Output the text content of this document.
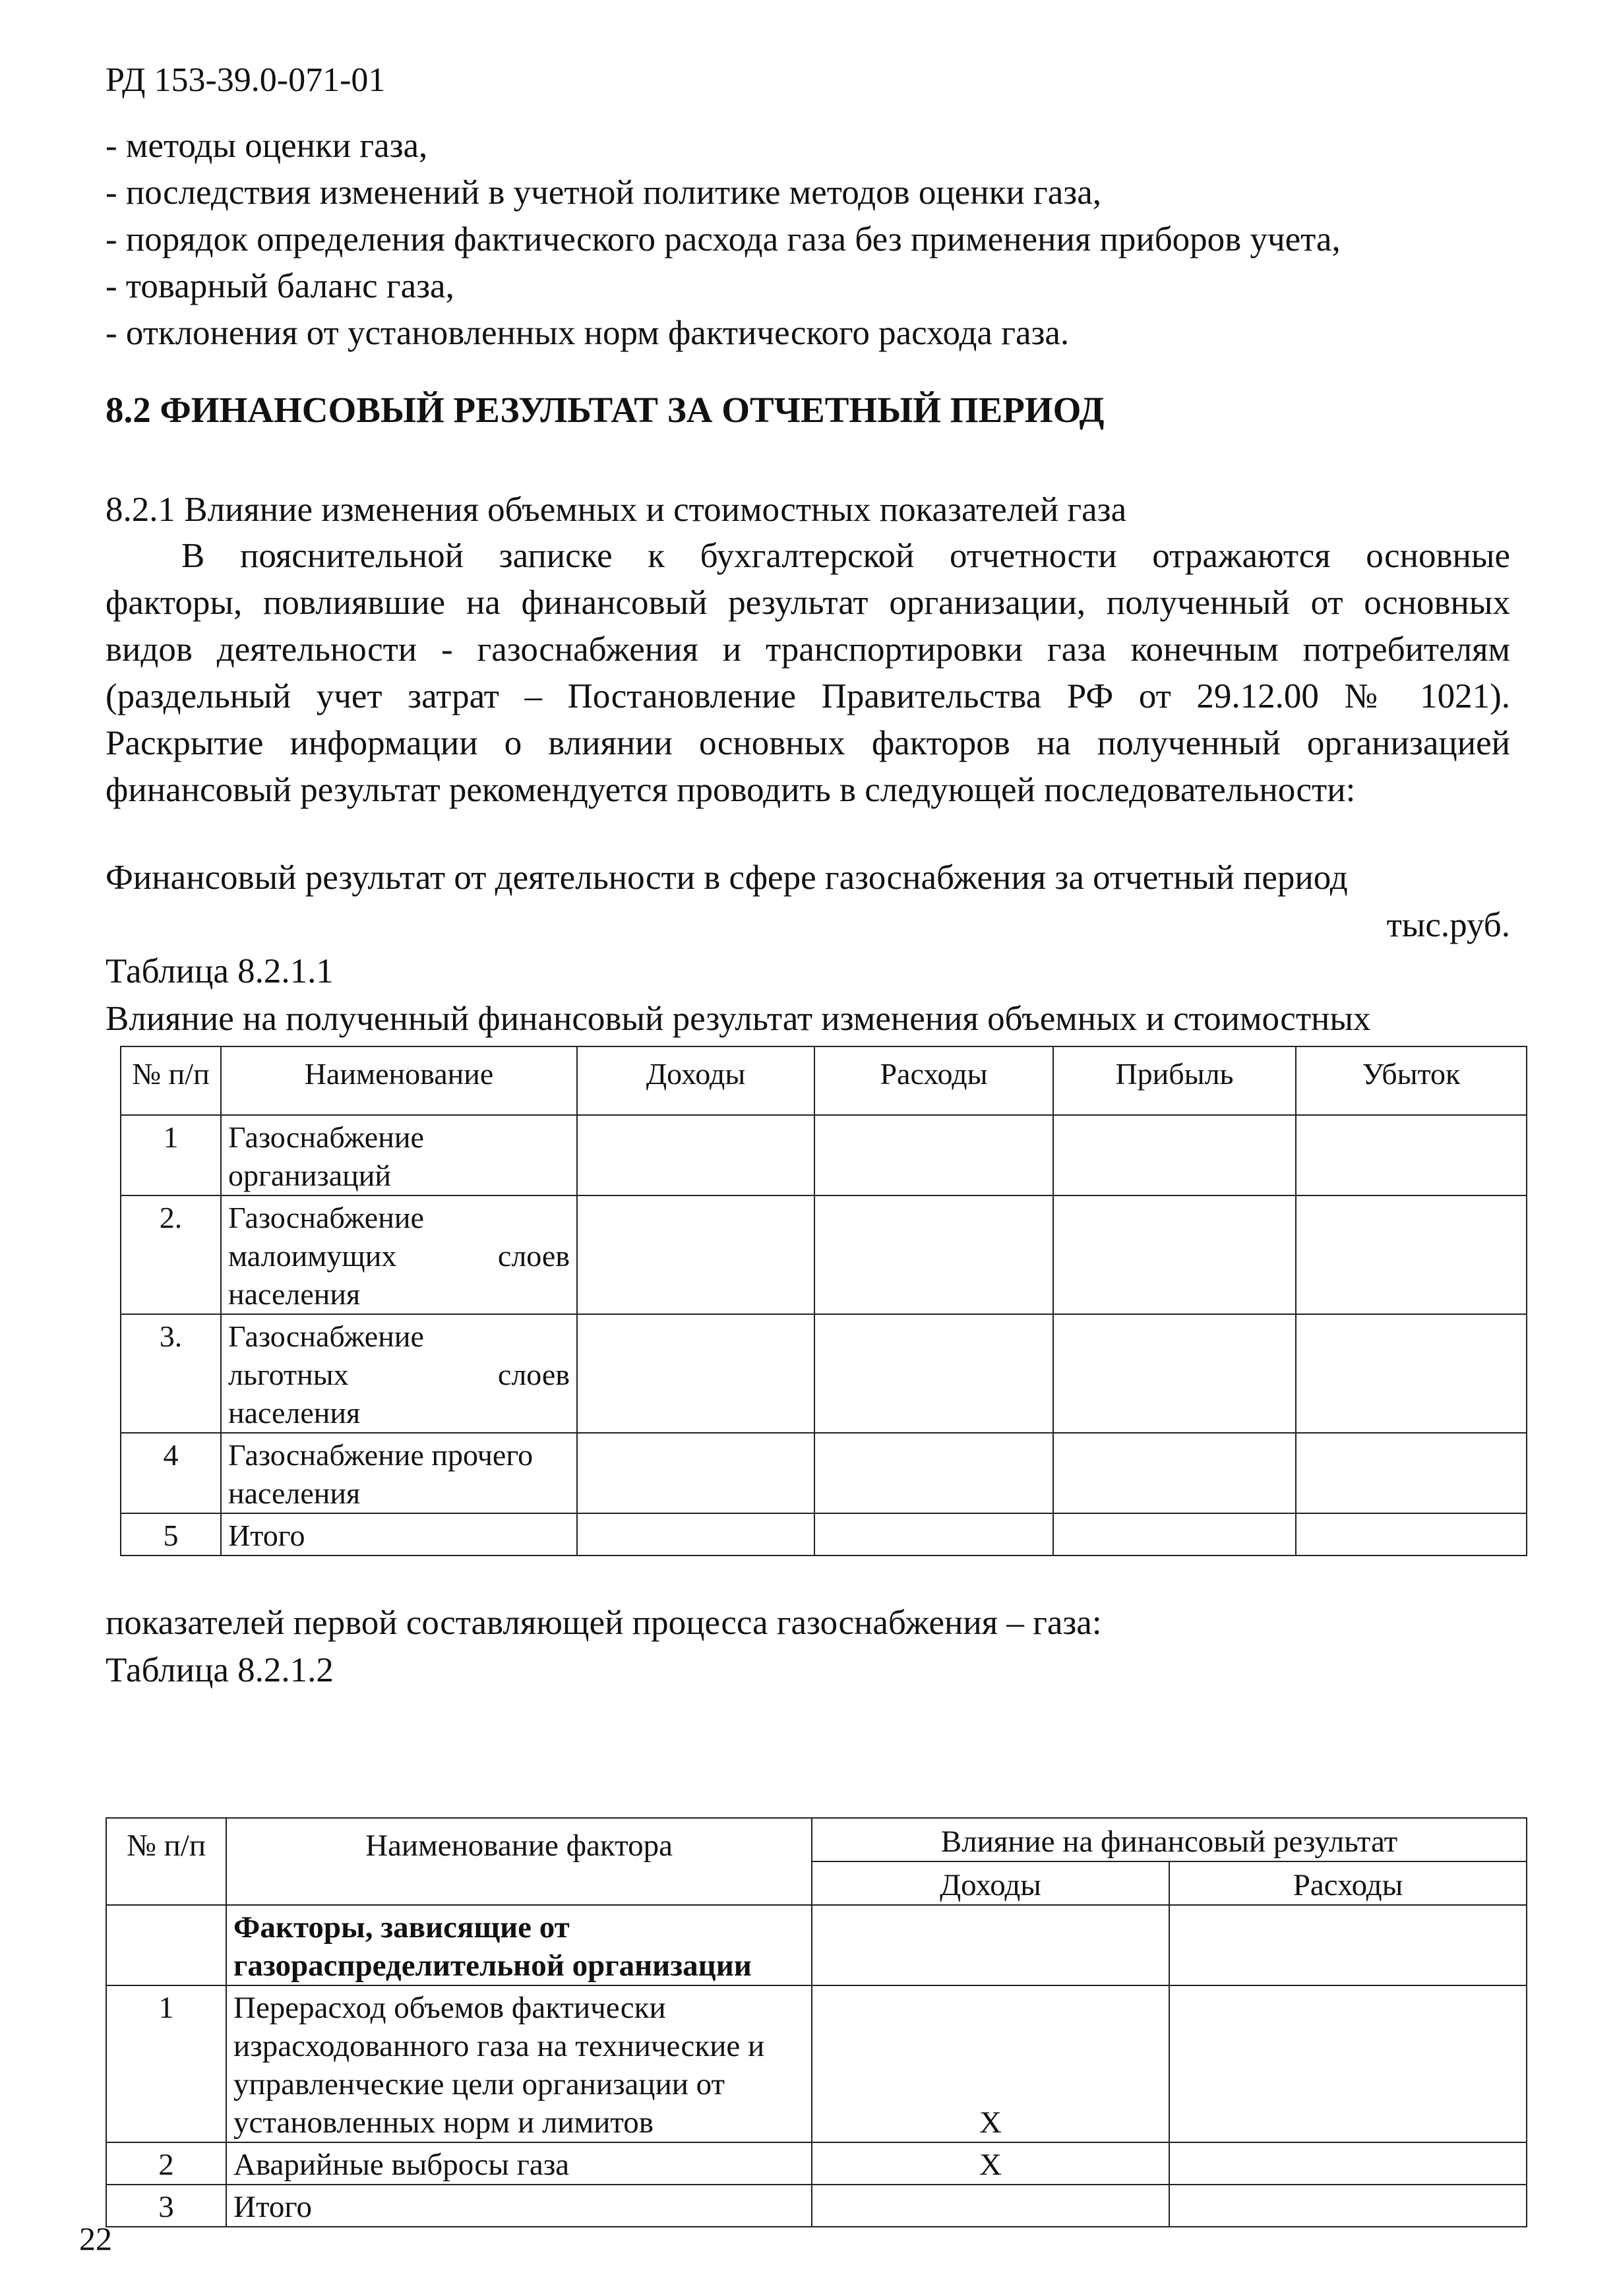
РД 153-39.0-071-01
- методы оценки газа,
- последствия изменений в учетной политике методов оценки газа,
- порядок определения фактического расхода газа без применения приборов учета,
- товарный баланс газа,
- отклонения от установленных норм фактического расхода газа.
8.2 ФИНАНСОВЫЙ РЕЗУЛЬТАТ ЗА ОТЧЕТНЫЙ ПЕРИОД
8.2.1 Влияние изменения объемных и стоимостных показателей газа
В пояснительной записке к бухгалтерской отчетности отражаются основные
факторы, повлиявшие на финансовый результат организации, полученный от основных
видов деятельности - газоснабжения и транспортировки газа конечным потребителям
(раздельный учет затрат – Постановление Правительства РФ от 29.12.00 № 1021).
Раскрытие информации о влиянии основных факторов на полученный организацией
финансовый результат рекомендуется проводить в следующей последовательности:
Финансовый результат от деятельности в сфере газоснабжения за отчетный период
тыс.руб.
Таблица 8.2.1.1
Влияние на полученный финансовый результат изменения объемных и стоимостных
№ п/п	Наименование	Доходы	Расходы	Прибыль	Убыток
1	Газоснабжение организаций				
2.	Газоснабжение
малоимущих слоев
населения				

3.	Газоснабжение
льготных слоев
населения				

4	Газоснабжение прочего населения				
5	Итого				
показателей первой составляющей процесса газоснабжения – газа:
Таблица 8.2.1.2
№ п/п	Наименование фактора	Влияние на финансовый результат	
		Доходы	Расходы
	Факторы, зависящие от газораспределительной организации		
1	Перерасход объемов фактически израсходованного газа на технические и управленческие цели организации от установленных норм и лимитов	Х	
2	Аварийные выбросы газа	Х	
3	Итого		
22
